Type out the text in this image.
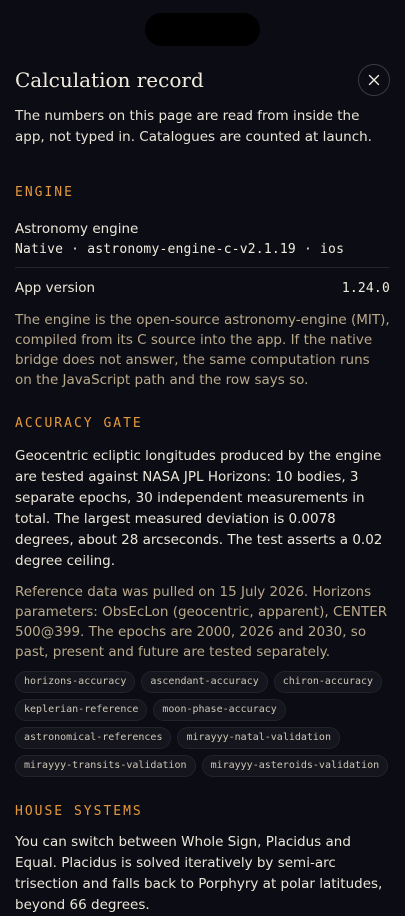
Calculation record

The numbers on this page are read from inside the app, not typed in. Catalogues are counted at launch.

ENGINE

Astronomy engine
Native · astronomy-engine-c-v2.1.19 · ios
App version	1.24.0

The engine is the open-source astronomy-engine (MIT), compiled from its C source into the app. If the native bridge does not answer, the same computation runs on the JavaScript path and the row says so.

ACCURACY GATE

Geocentric ecliptic longitudes produced by the engine are tested against NASA JPL Horizons: 10 bodies, 3 separate epochs, 30 independent measurements in total. The largest measured deviation is 0.0078 degrees, about 28 arcseconds. The test asserts a 0.02 degree ceiling.

Reference data was pulled on 15 July 2026. Horizons parameters: ObsEcLon (geocentric, apparent), CENTER 500@399. The epochs are 2000, 2026 and 2030, so past, present and future are tested separately.

horizons-accuracy	ascendant-accuracy	chiron-accuracy
keplerian-reference	moon-phase-accuracy
astronomical-references	mirayyy-natal-validation
mirayyy-transits-validation	mirayyy-asteroids-validation

HOUSE SYSTEMS

You can switch between Whole Sign, Placidus and Equal. Placidus is solved iteratively by semi-arc trisection and falls back to Porphyry at polar latitudes, beyond 66 degrees.
